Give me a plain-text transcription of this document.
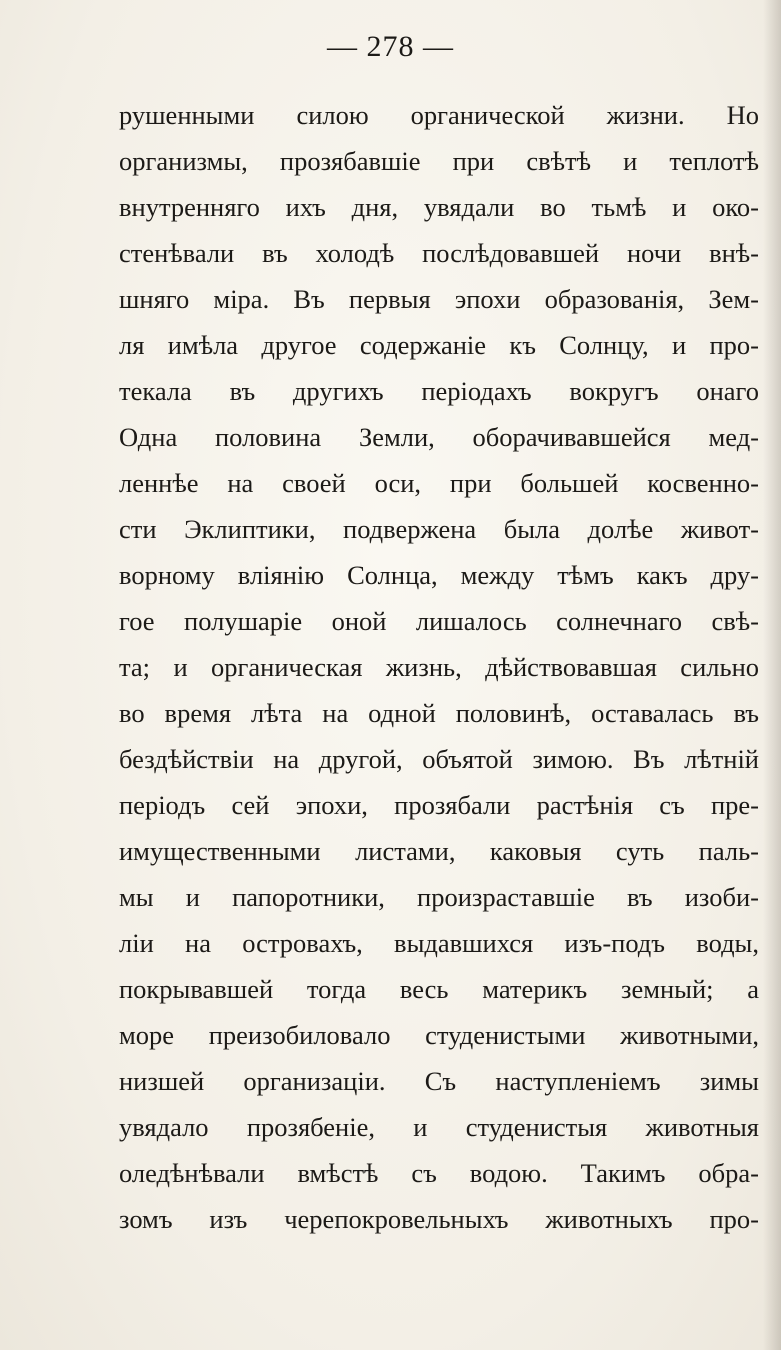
— 278 —

рушенными силою органической жизни. Но
организмы, прозябавшіе при свѣтѣ и теплотѣ
внутренняго ихъ дня, увядали во тьмѣ и око-
стенѣвали въ холодѣ послѣдовавшей ночи внѣ-
шняго міра. Въ первыя эпохи образованія, Зем-
ля имѣла другое содержаніе къ Солнцу, и про-
текала въ другихъ періодахъ вокругъ онаго
Одна половина Земли, оборачивавшейся мед-
леннѣе на своей оси, при большей косвенно-
сти Эклиптики, подвержена была долѣе живот-
ворному вліянію Солнца, между тѣмъ какъ дру-
гое полушаріе оной лишалось солнечнаго свѣ-
та; и органическая жизнь, дѣйствовавшая сильно
во время лѣта на одной половинѣ, оставалась въ
бездѣйствіи на другой, объятой зимою. Въ лѣтній
періодъ сей эпохи, прозябали растѣнія съ пре-
имущественными листами, каковыя суть паль-
мы и папоротники, произраставшіе въ изоби-
ліи на островахъ, выдавшихся изъ-подъ воды,
покрывавшей тогда весь материкъ земный; а
море преизобиловало студенистыми животными,
низшей организаціи. Съ наступленіемъ зимы
увядало прозябеніе, и студенистыя животныя
оледѣнѣвали вмѣстѣ съ водою. Такимъ обра-
зомъ изъ черепокровельныхъ животныхъ про-
